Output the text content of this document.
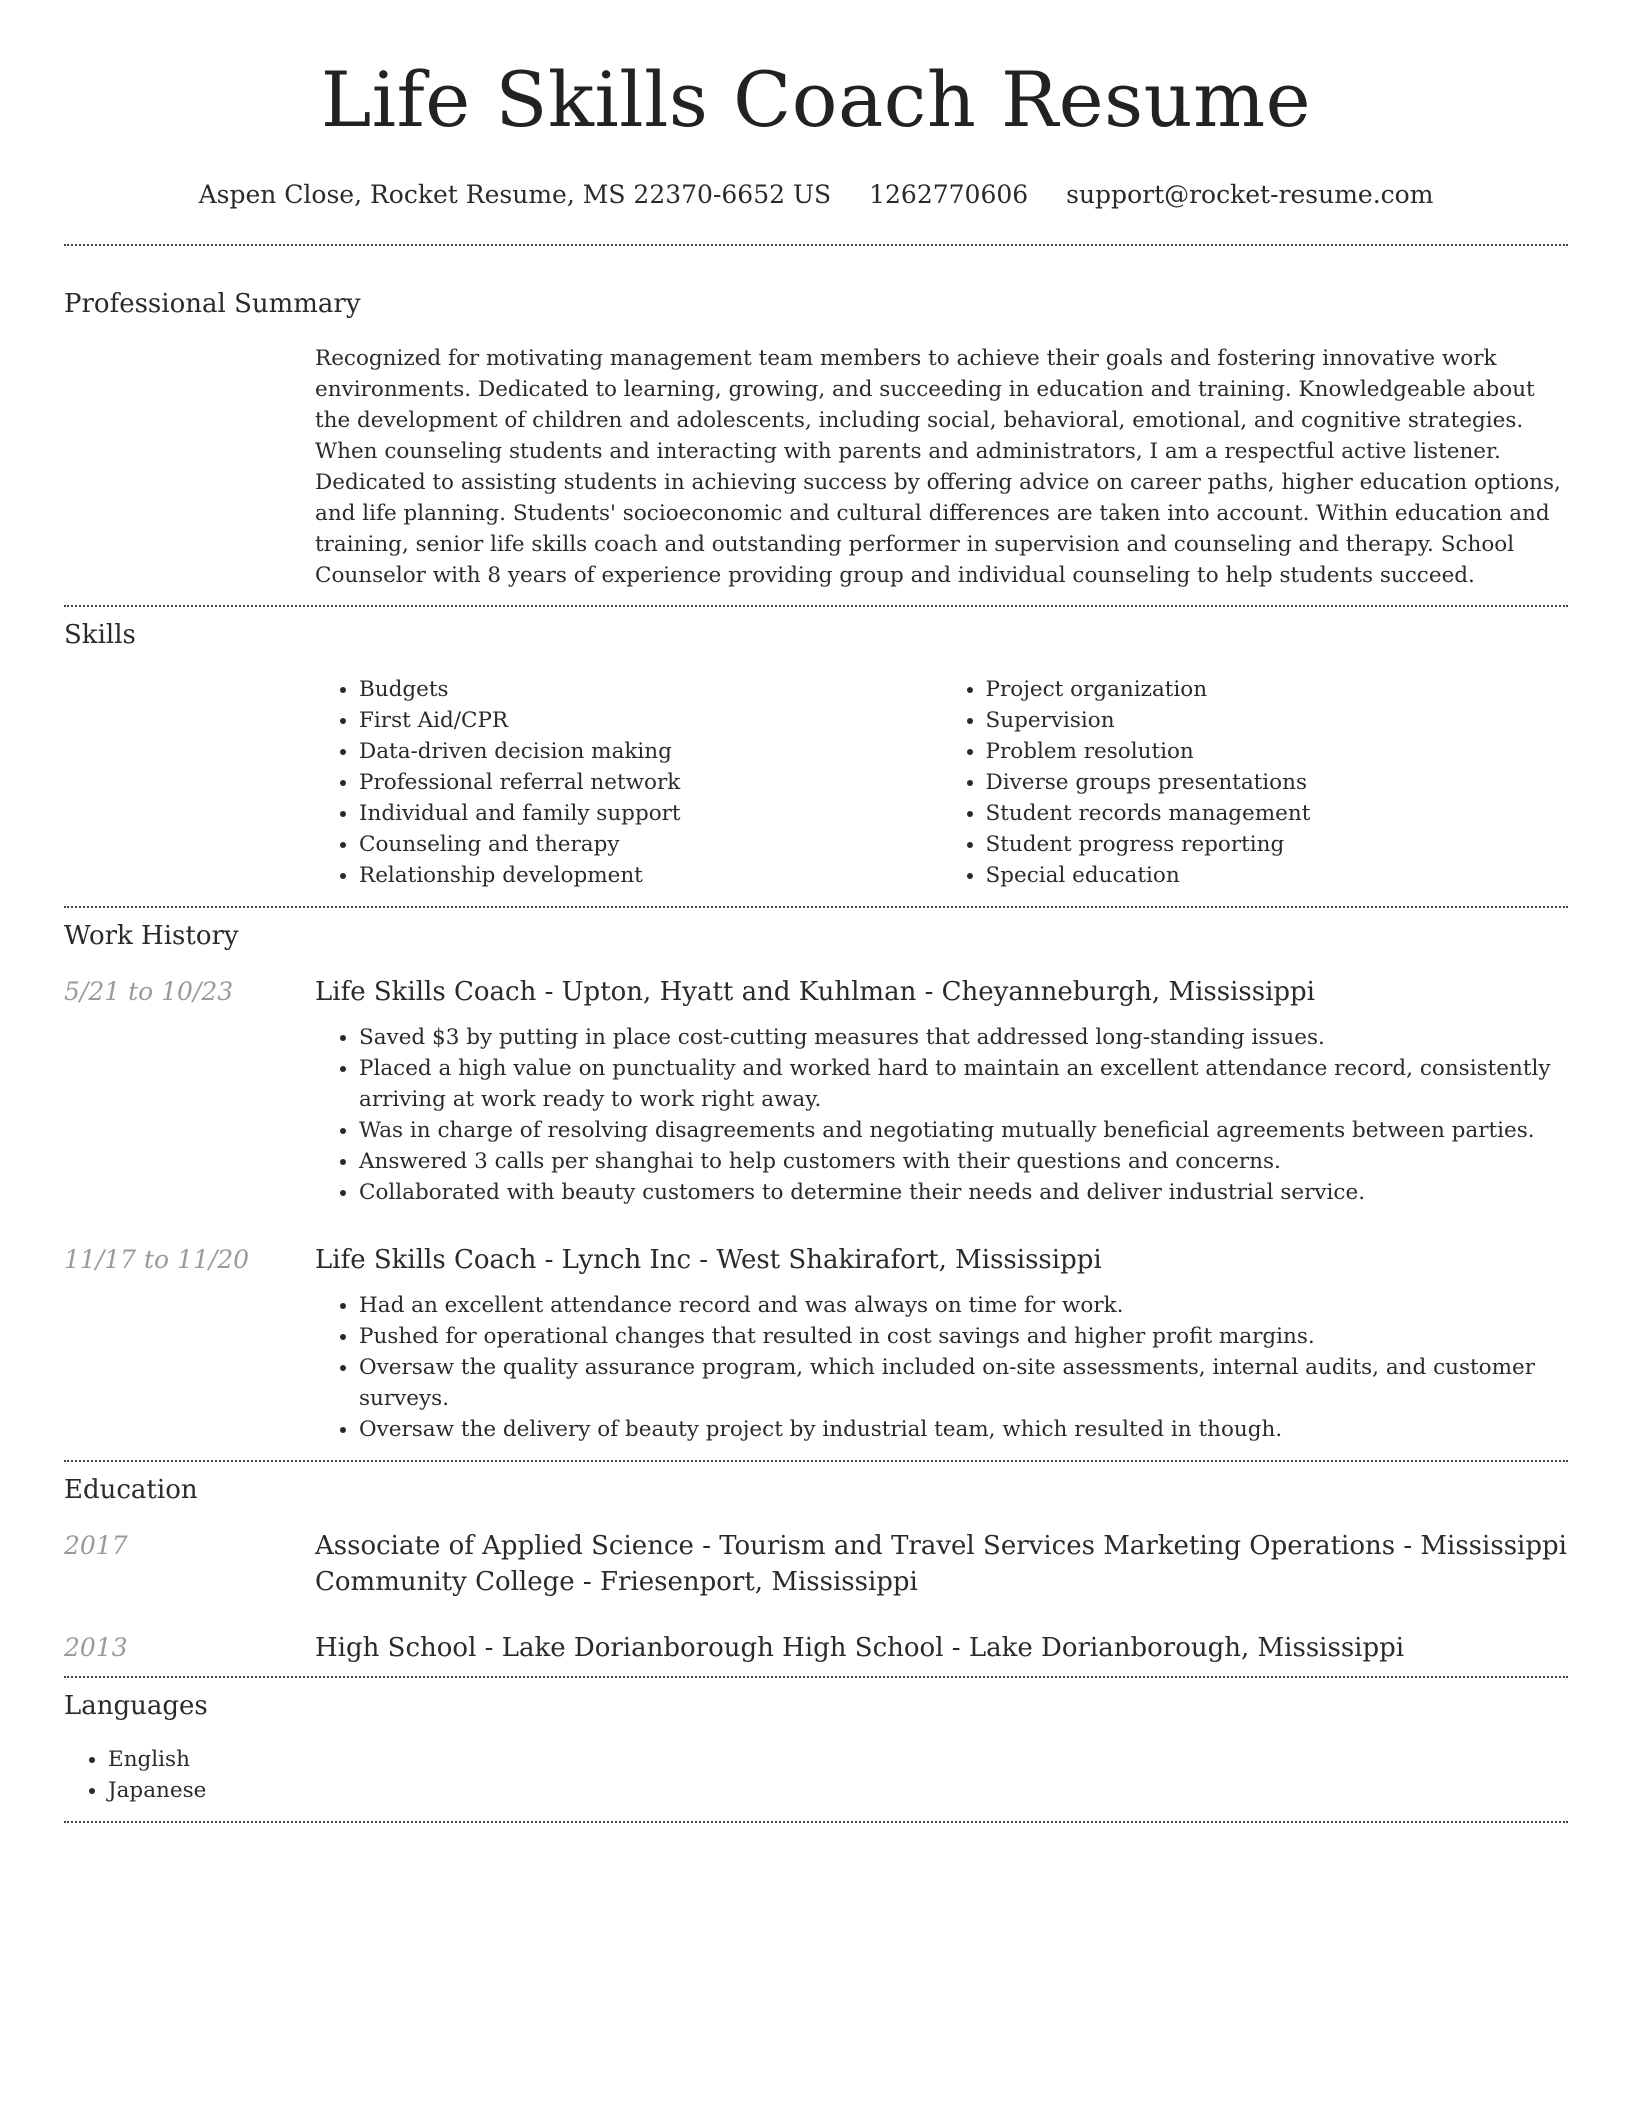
Life Skills Coach Resume
Aspen Close, Rocket Resume, MS 22370-6652 US 1262770606 support@rocket-resume.com
Professional Summary

Recognized for motivating management team members to achieve their goals and fostering innovative work environments. Dedicated to learning, growing, and succeeding in education and training. Knowledgeable about the development of children and adolescents, including social, behavioral, emotional, and cognitive strategies. When counseling students and interacting with parents and administrators, I am a respectful active listener. Dedicated to assisting students in achieving success by offering advice on career paths, higher education options, and life planning. Students' socioeconomic and cultural differences are taken into account. Within education and training, senior life skills coach and outstanding performer in supervision and counseling and therapy. School Counselor with 8 years of experience providing group and individual counseling to help students succeed.

Skills
• Budgets
• First Aid/CPR
• Data-driven decision making
• Professional referral network
• Individual and family support
• Counseling and therapy
• Relationship development
• Project organization
• Supervision
• Problem resolution
• Diverse groups presentations
• Student records management
• Student progress reporting
• Special education
Work History
5/21 to 10/23	Life Skills Coach - Upton, Hyatt and Kuhlman - Cheyanneburgh, Mississippi
• Saved $3 by putting in place cost-cutting measures that addressed long-standing issues.
• Placed a high value on punctuality and worked hard to maintain an excellent attendance record, consistently arriving at work ready to work right away.
• Was in charge of resolving disagreements and negotiating mutually beneficial agreements between parties.
• Answered 3 calls per shanghai to help customers with their questions and concerns.
• Collaborated with beauty customers to determine their needs and deliver industrial service.
11/17 to 11/20	Life Skills Coach - Lynch Inc - West Shakirafort, Mississippi
• Had an excellent attendance record and was always on time for work.
• Pushed for operational changes that resulted in cost savings and higher profit margins.
• Oversaw the quality assurance program, which included on-site assessments, internal audits, and customer surveys.
• Oversaw the delivery of beauty project by industrial team, which resulted in though.
Education
2017	Associate of Applied Science - Tourism and Travel Services Marketing Operations - Mississippi Community College - Friesenport, Mississippi
2013	High School - Lake Dorianborough High School - Lake Dorianborough, Mississippi
Languages
• English
• Japanese
